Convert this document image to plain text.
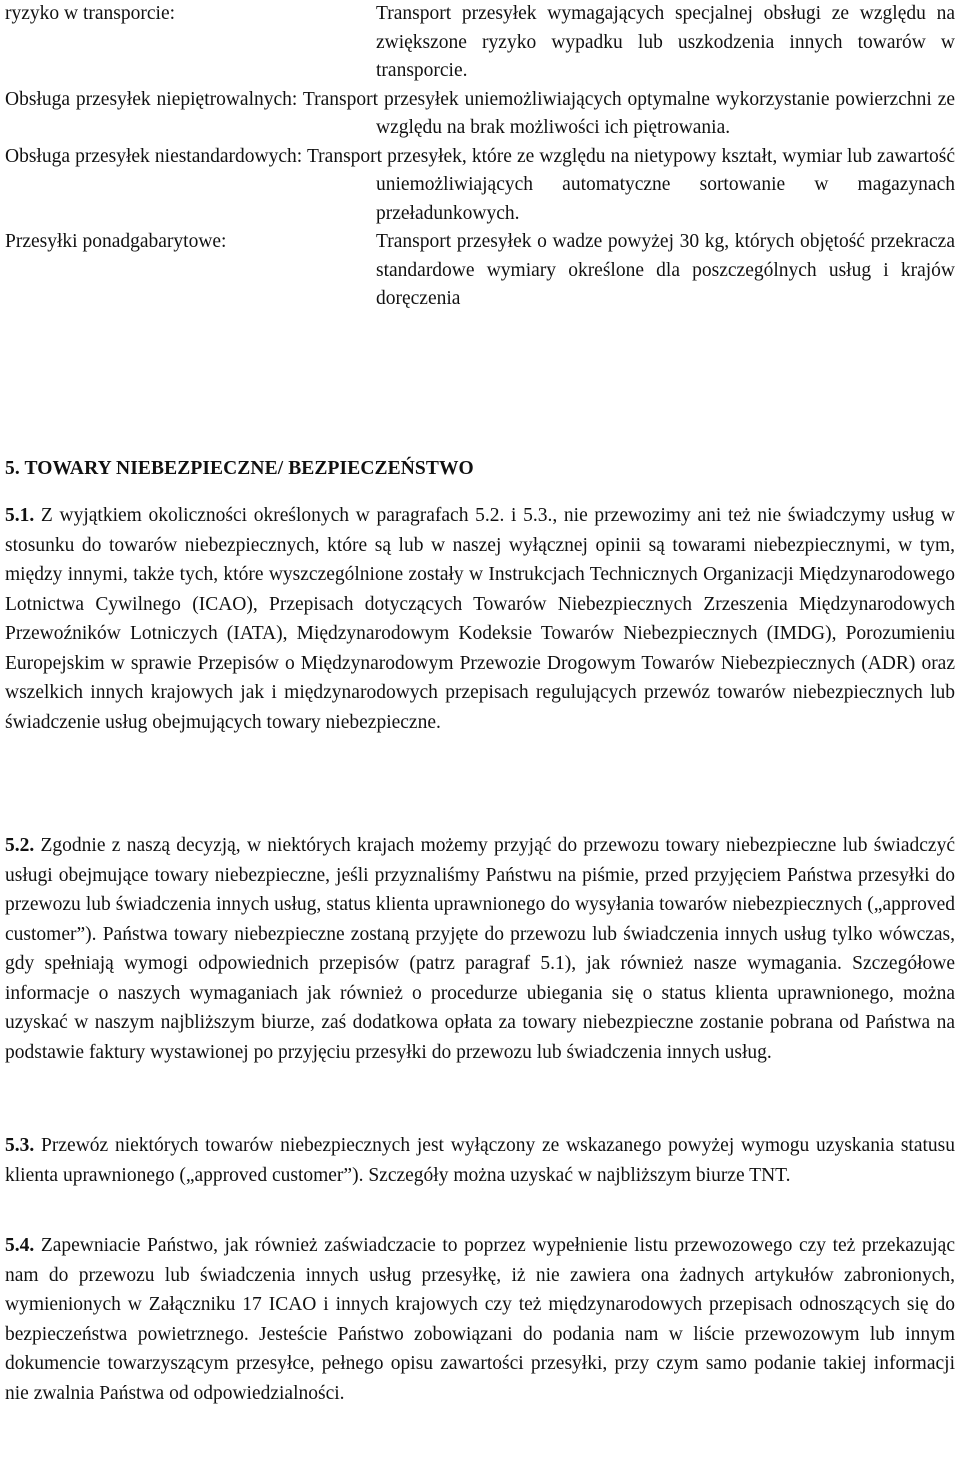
ryzyko w transporcie:	Transport przesyłek wymagających specjalnej obsługi ze względu na zwiększone ryzyko wypadku lub uszkodzenia innych towarów w transporcie.
Obsługa przesyłek niepiętrowalnych: Transport przesyłek uniemożliwiających optymalne wykorzystanie powierzchni ze względu na brak możliwości ich piętrowania.
Obsługa przesyłek niestandardowych: Transport przesyłek, które ze względu na nietypowy kształt, wymiar lub zawartość uniemożliwiających automatyczne sortowanie w magazynach przeładunkowych.
Przesyłki ponadgabarytowe:	Transport przesyłek o wadze powyżej 30 kg, których objętość przekracza standardowe wymiary określone dla poszczególnych usług i krajów doręczenia
5. TOWARY NIEBEZPIECZNE/ BEZPIECZEŃSTWO
5.1. Z wyjątkiem okoliczności określonych w paragrafach 5.2. i 5.3., nie przewozimy ani też nie świadczymy usług w stosunku do towarów niebezpiecznych, które są lub w naszej wyłącznej opinii są towarami niebezpiecznymi, w tym, między innymi, także tych, które wyszczególnione zostały w Instrukcjach Technicznych Organizacji Międzynarodowego Lotnictwa Cywilnego (ICAO), Przepisach dotyczących Towarów Niebezpiecznych Zrzeszenia Międzynarodowych Przewoźników Lotniczych (IATA), Międzynarodowym Kodeksie Towarów Niebezpiecznych (IMDG), Porozumieniu Europejskim w sprawie Przepisów o Międzynarodowym Przewozie Drogowym Towarów Niebezpiecznych (ADR) oraz wszelkich innych krajowych jak i międzynarodowych przepisach regulujących przewóz towarów niebezpiecznych lub świadczenie usług obejmujących towary niebezpieczne.
5.2. Zgodnie z naszą decyzją, w niektórych krajach możemy przyjąć do przewozu towary niebezpieczne lub świadczyć usługi obejmujące towary niebezpieczne, jeśli przyznaliśmy Państwu na piśmie, przed przyjęciem Państwa przesyłki do przewozu lub świadczenia innych usług, status klienta uprawnionego do wysyłania towarów niebezpiecznych („approved customer”). Państwa towary niebezpieczne zostaną przyjęte do przewozu lub świadczenia innych usług tylko wówczas, gdy spełniają wymogi odpowiednich przepisów (patrz paragraf 5.1), jak również nasze wymagania. Szczegółowe informacje o naszych wymaganiach jak również o procedurze ubiegania się o status klienta uprawnionego, można uzyskać w naszym najbliższym biurze, zaś dodatkowa opłata za towary niebezpieczne zostanie pobrana od Państwa na podstawie faktury wystawionej po przyjęciu przesyłki do przewozu lub świadczenia innych usług.
5.3. Przewóz niektórych towarów niebezpiecznych jest wyłączony ze wskazanego powyżej wymogu uzyskania statusu klienta uprawnionego („approved customer”). Szczegóły można uzyskać w najbliższym biurze TNT.
5.4. Zapewniacie Państwo, jak również zaświadczacie to poprzez wypełnienie listu przewozowego czy też przekazując nam do przewozu lub świadczenia innych usług przesyłkę, iż nie zawiera ona żadnych artykułów zabronionych, wymienionych w Załączniku 17 ICAO i innych krajowych czy też międzynarodowych przepisach odnoszących się do bezpieczeństwa powietrznego. Jesteście Państwo zobowiązani do podania nam w liście przewozowym lub innym dokumencie towarzyszącym przesyłce, pełnego opisu zawartości przesyłki, przy czym samo podanie takiej informacji nie zwalnia Państwa od odpowiedzialności.
